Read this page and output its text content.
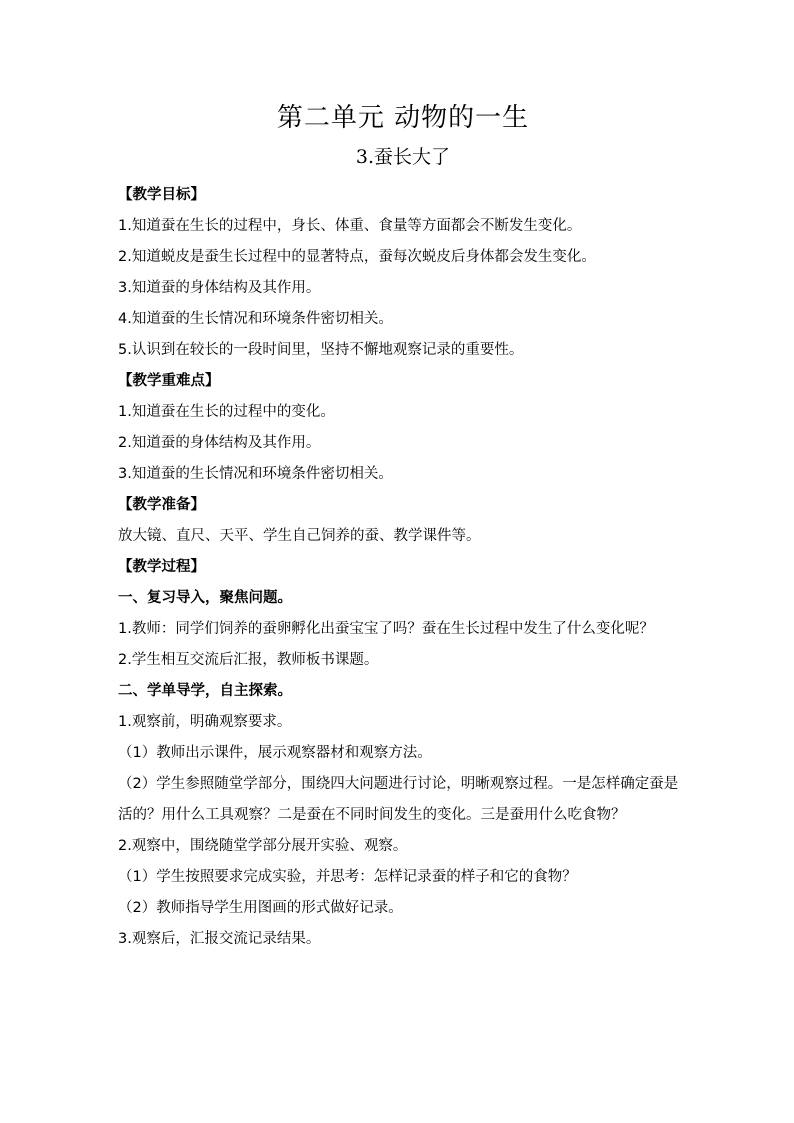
第二单元 动物的一生
3.蚕长大了

【教学目标】

1.知道蚕在生长的过程中，身长、体重、食量等方面都会不断发生变化。

2.知道蜕皮是蚕生长过程中的显著特点，蚕每次蜕皮后身体都会发生变化。

3.知道蚕的身体结构及其作用。

4.知道蚕的生长情况和环境条件密切相关。

5.认识到在较长的一段时间里，坚持不懈地观察记录的重要性。

【教学重难点】

1.知道蚕在生长的过程中的变化。

2.知道蚕的身体结构及其作用。

3.知道蚕的生长情况和环境条件密切相关。

【教学准备】

放大镜、直尺、天平、学生自己饲养的蚕、教学课件等。

【教学过程】

一、复习导入，聚焦问题。

1.教师：同学们饲养的蚕卵孵化出蚕宝宝了吗？蚕在生长过程中发生了什么变化呢？

2.学生相互交流后汇报，教师板书课题。

二、学单导学，自主探索。

1.观察前，明确观察要求。

（1）教师出示课件，展示观察器材和观察方法。

（2）学生参照随堂学部分，围绕四大问题进行讨论，明晰观察过程。一是怎样确定蚕是活的？用什么工具观察？二是蚕在不同时间发生的变化。三是蚕用什么吃食物？

2.观察中，围绕随堂学部分展开实验、观察。

（1）学生按照要求完成实验，并思考：怎样记录蚕的样子和它的食物？

（2）教师指导学生用图画的形式做好记录。

3.观察后，汇报交流记录结果。
